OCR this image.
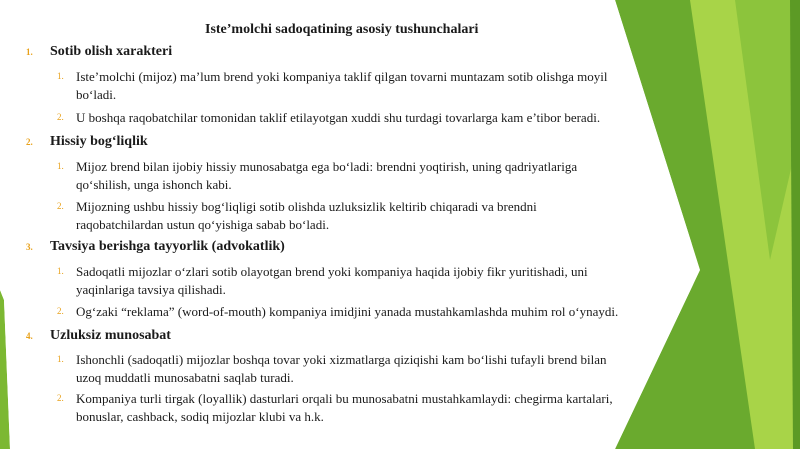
Iste’molchi sadoqatining asosiy tushunchalari
1. Sotib olish xarakteri
1. Iste’molchi (mijoz) ma’lum brend yoki kompaniya taklif qilgan tovarni muntazam sotib olishga moyil bo‘ladi.
2. U boshqa raqobatchilar tomonidan taklif etilayotgan xuddi shu turdagi tovarlarga kam e’tibor beradi.
2. Hissiy bog‘liqlik
1. Mijoz brend bilan ijobiy hissiy munosabatga ega bo‘ladi: brendni yoqtirish, uning qadriyatlariga qo‘shilish, unga ishonch kabi.
2. Mijozning ushbu hissiy bog‘liqligi sotib olishda uzluksizlik keltirib chiqaradi va brendni raqobatchilardan ustun qo‘yishiga sabab bo‘ladi.
3. Tavsiya berishga tayyorlik (advokatlik)
1. Sadoqatli mijozlar o‘zlari sotib olayotgan brend yoki kompaniya haqida ijobiy fikr yuritishadi, uni yaqinlariga tavsiya qilishadi.
2. Og‘zaki “reklama” (word-of-mouth) kompaniya imidjini yanada mustahkamlashda muhim rol o‘ynaydi.
4. Uzluksiz munosabat
1. Ishonchli (sadoqatli) mijozlar boshqa tovar yoki xizmatlarga qiziqishi kam bo‘lishi tufayli brend bilan uzoq muddatli munosabatni saqlab turadi.
2. Kompaniya turli tirgak (loyallik) dasturlari orqali bu munosabatni mustahkamlaydi: chegirma kartalari, bonuslar, cashback, sodiq mijozlar klubi va h.k.
